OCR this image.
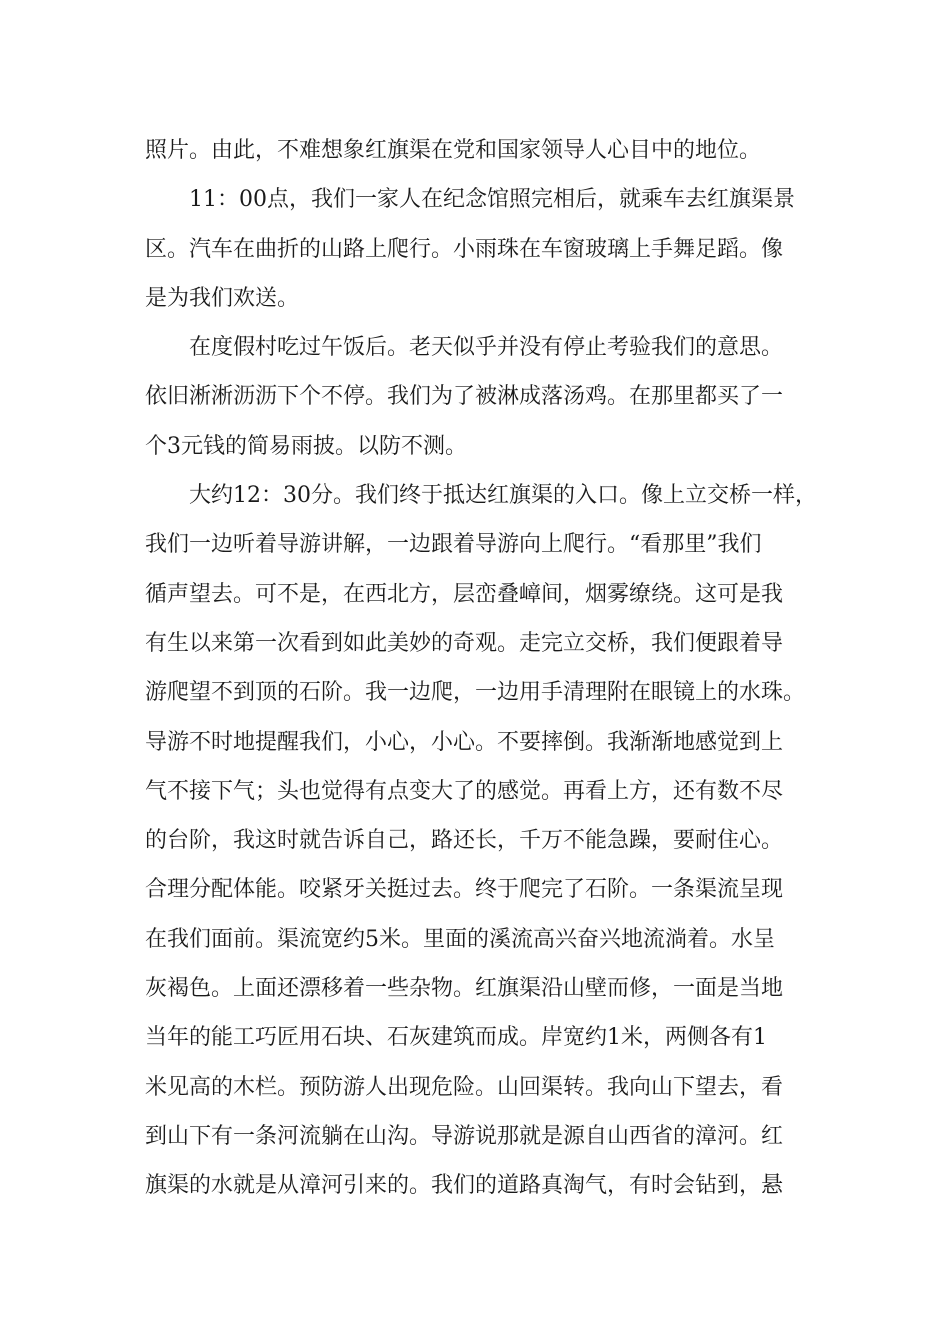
照片。由此，不难想象红旗渠在党和国家领导人心目中的地位。
11：00点，我们一家人在纪念馆照完相后，就乘车去红旗渠景
区。汽车在曲折的山路上爬行。小雨珠在车窗玻璃上手舞足蹈。像
是为我们欢送。
在度假村吃过午饭后。老天似乎并没有停止考验我们的意思。
依旧淅淅沥沥下个不停。我们为了被淋成落汤鸡。在那里都买了一
个3元钱的简易雨披。以防不测。
大约12：30分。我们终于抵达红旗渠的入口。像上立交桥一样，
我们一边听着导游讲解，一边跟着导游向上爬行。“看那里”我们
循声望去。可不是，在西北方，层峦叠嶂间，烟雾缭绕。这可是我
有生以来第一次看到如此美妙的奇观。走完立交桥，我们便跟着导
游爬望不到顶的石阶。我一边爬，一边用手清理附在眼镜上的水珠。
导游不时地提醒我们，小心，小心。不要摔倒。我渐渐地感觉到上
气不接下气；头也觉得有点变大了的感觉。再看上方，还有数不尽
的台阶，我这时就告诉自己，路还长，千万不能急躁，要耐住心。
合理分配体能。咬紧牙关挺过去。终于爬完了石阶。一条渠流呈现
在我们面前。渠流宽约5米。里面的溪流高兴奋兴地流淌着。水呈
灰褐色。上面还漂移着一些杂物。红旗渠沿山壁而修，一面是当地
当年的能工巧匠用石块、石灰建筑而成。岸宽约1米，两侧各有1
米见高的木栏。预防游人出现危险。山回渠转。我向山下望去，看
到山下有一条河流躺在山沟。导游说那就是源自山西省的漳河。红
旗渠的水就是从漳河引来的。我们的道路真淘气，有时会钻到，悬
